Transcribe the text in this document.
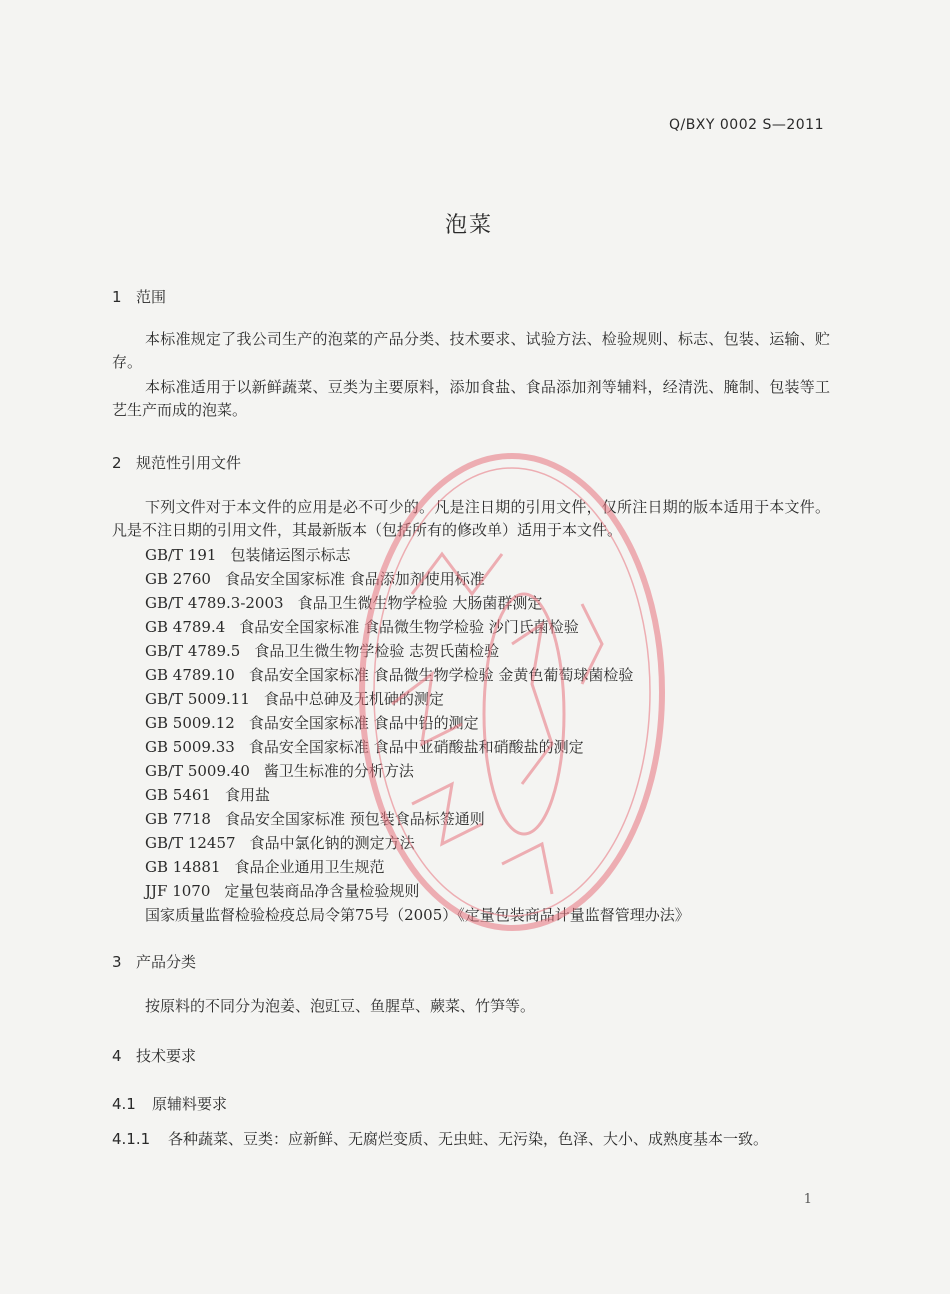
Q/BXY 0002 S—2011
泡菜
1 范围
本标准规定了我公司生产的泡菜的产品分类、技术要求、试验方法、检验规则、标志、包装、运输、贮存。
本标准适用于以新鲜蔬菜、豆类为主要原料，添加食盐、食品添加剂等辅料，经清洗、腌制、包装等工艺生产而成的泡菜。
2 规范性引用文件
下列文件对于本文件的应用是必不可少的。凡是注日期的引用文件，仅所注日期的版本适用于本文件。凡是不注日期的引用文件，其最新版本（包括所有的修改单）适用于本文件。
GB/T 191 包装储运图示标志
GB 2760 食品安全国家标准 食品添加剂使用标准
GB/T 4789.3-2003 食品卫生微生物学检验 大肠菌群测定
GB 4789.4 食品安全国家标准 食品微生物学检验 沙门氏菌检验
GB/T 4789.5 食品卫生微生物学检验 志贺氏菌检验
GB 4789.10 食品安全国家标准 食品微生物学检验 金黄色葡萄球菌检验
GB/T 5009.11 食品中总砷及无机砷的测定
GB 5009.12 食品安全国家标准 食品中铅的测定
GB 5009.33 食品安全国家标准 食品中亚硝酸盐和硝酸盐的测定
GB/T 5009.40 酱卫生标准的分析方法
GB 5461 食用盐
GB 7718 食品安全国家标准 预包装食品标签通则
GB/T 12457 食品中氯化钠的测定方法
GB 14881 食品企业通用卫生规范
JJF 1070 定量包装商品净含量检验规则
国家质量监督检验检疫总局令第75号（2005）《定量包装商品计量监督管理办法》
3 产品分类
按原料的不同分为泡姜、泡豇豆、鱼腥草、蕨菜、竹笋等。
4 技术要求
4.1 原辅料要求
4.1.1 各种蔬菜、豆类：应新鲜、无腐烂变质、无虫蛀、无污染，色泽、大小、成熟度基本一致。
1
